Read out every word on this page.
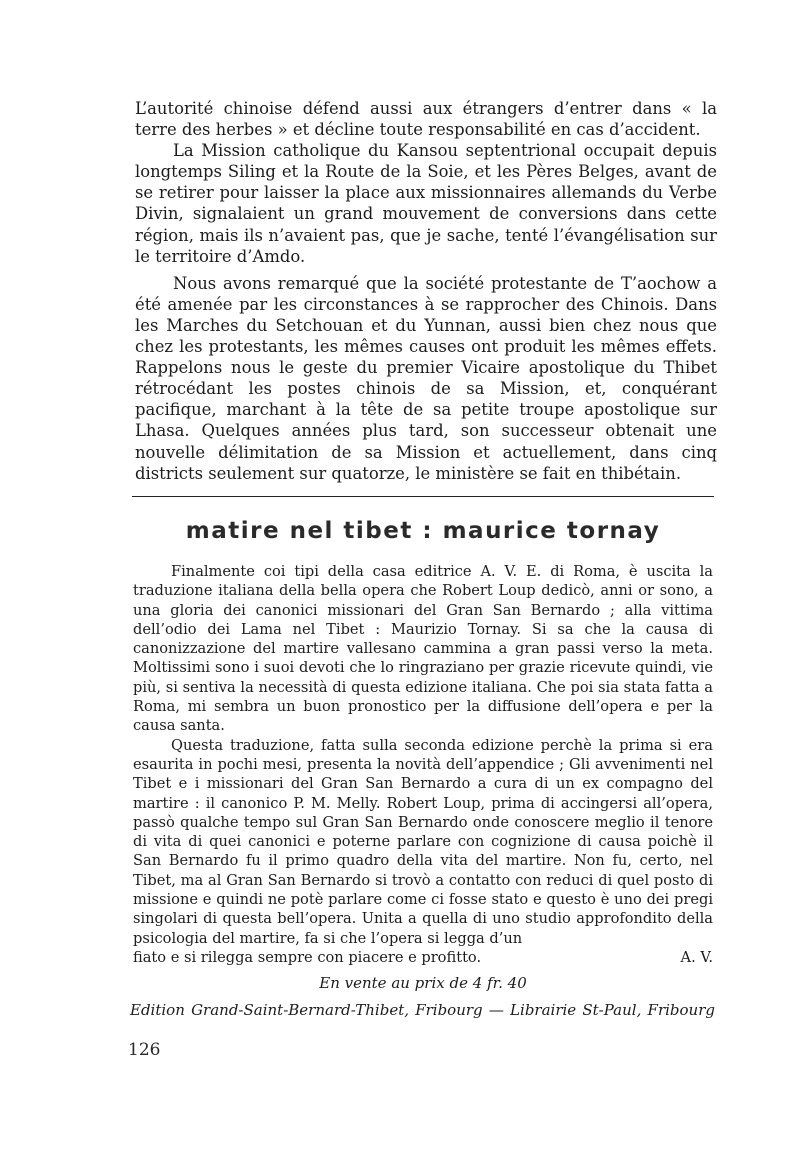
L’autorité chinoise défend aussi aux étrangers d’entrer dans « la terre des herbes » et décline toute responsabilité en cas d’accident.

La Mission catholique du Kansou septentrional occupait depuis longtemps Siling et la Route de la Soie, et les Pères Belges, avant de se retirer pour laisser la place aux missionnaires allemands du Verbe Divin, signalaient un grand mouvement de conversions dans cette région, mais ils n’avaient pas, que je sache, tenté l’évangélisation sur le territoire d’Amdo.

Nous avons remarqué que la société protestante de T’aochow a été amenée par les circonstances à se rapprocher des Chinois. Dans les Marches du Setchouan et du Yunnan, aussi bien chez nous que chez les protestants, les mêmes causes ont produit les mêmes effets. Rappelons nous le geste du premier Vicaire apostolique du Thibet rétrocédant les postes chinois de sa Mission, et, conquérant pacifique, marchant à la tête de sa petite troupe apostolique sur Lhasa. Quelques années plus tard, son successeur obtenait une nouvelle délimitation de sa Mission et actuellement, dans cinq districts seulement sur quatorze, le ministère se fait en thibétain.

matire nel tibet : maurice tornay

Finalmente coi tipi della casa editrice A. V. E. di Roma, è uscita la traduzione italiana della bella opera che Robert Loup dedicò, anni or sono, a una gloria dei canonici missionari del Gran San Bernardo ; alla vittima dell’odio dei Lama nel Tibet : Maurizio Tornay. Si sa che la causa di canonizzazione del martire vallesano cammina a gran passi verso la meta. Moltissimi sono i suoi devoti che lo ringraziano per grazie ricevute quindi, vie più, si sentiva la necessità di questa edizione italiana. Che poi sia stata fatta a Roma, mi sembra un buon pronostico per la diffusione dell’opera e per la causa santa.

Questa traduzione, fatta sulla seconda edizione perchè la prima si era esaurita in pochi mesi, presenta la novità dell’appendice ; Gli avvenimenti nel Tibet e i missionari del Gran San Bernardo a cura di un ex compagno del martire : il canonico P. M. Melly. Robert Loup, prima di accingersi all’opera, passò qualche tempo sul Gran San Bernardo onde conoscere meglio il tenore di vita di quei canonici e poterne parlare con cognizione di causa poichè il San Bernardo fu il primo quadro della vita del martire. Non fu, certo, nel Tibet, ma al Gran San Bernardo si trovò a contatto con reduci di quel posto di missione e quindi ne potè parlare come ci fosse stato e questo è uno dei pregi singolari di questa bell’opera. Unita a quella di uno studio approfondito della psicologia del martire, fa si che l’opera si legga d’un

fiato e si rilegga sempre con piacere e profitto.	A. V.
En vente au prix de 4 fr. 40
Edition Grand-Saint-Bernard-Thibet, Fribourg — Librairie St-Paul, Fribourg
126
